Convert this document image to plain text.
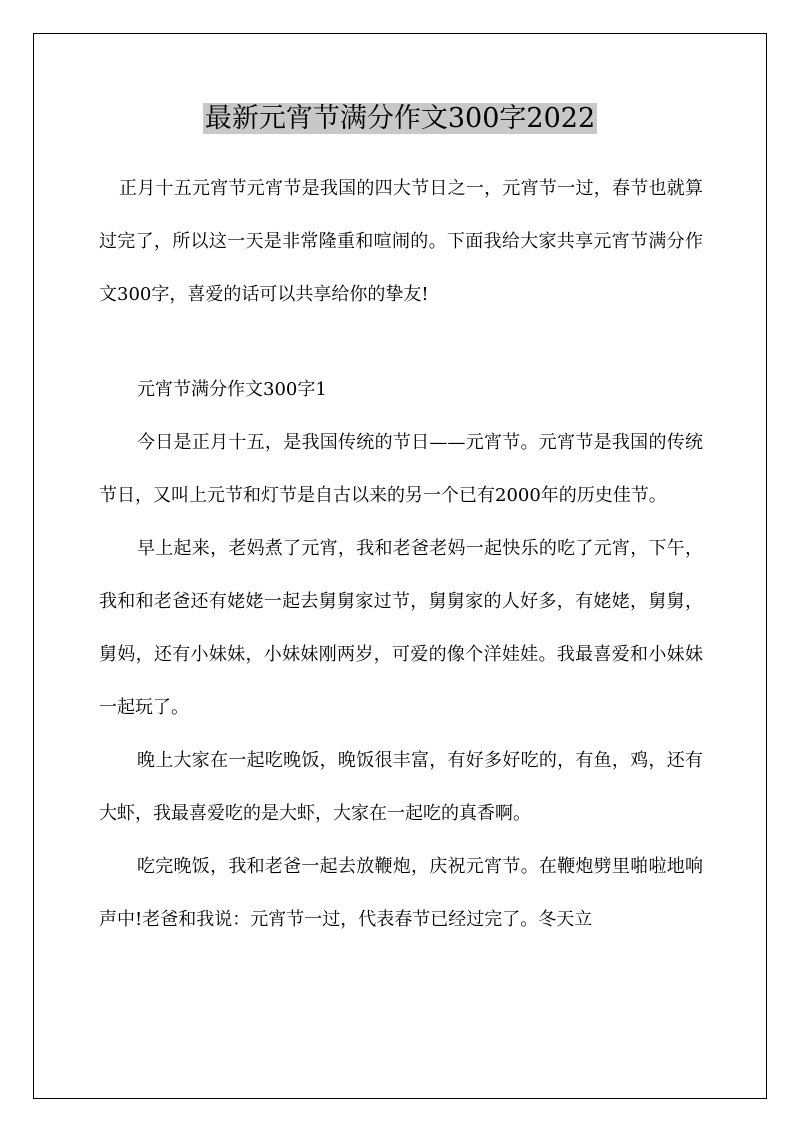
最新元宵节满分作文300字2022

正月十五元宵节元宵节是我国的四大节日之一，元宵节一过，春节也就算过完了，所以这一天是非常隆重和喧闹的。下面我给大家共享元宵节满分作文300字，喜爱的话可以共享给你的挚友!

元宵节满分作文300字1

今日是正月十五，是我国传统的节日——元宵节。元宵节是我国的传统节日，又叫上元节和灯节是自古以来的另一个已有2000年的历史佳节。

早上起来，老妈煮了元宵，我和老爸老妈一起快乐的吃了元宵，下午，我和和老爸还有姥姥一起去舅舅家过节，舅舅家的人好多，有姥姥，舅舅，舅妈，还有小妹妹，小妹妹刚两岁，可爱的像个洋娃娃。我最喜爱和小妹妹一起玩了。

晚上大家在一起吃晚饭，晚饭很丰富，有好多好吃的，有鱼，鸡，还有大虾，我最喜爱吃的是大虾，大家在一起吃的真香啊。

吃完晚饭，我和老爸一起去放鞭炮，庆祝元宵节。在鞭炮劈里啪啦地响声中!老爸和我说：元宵节一过，代表春节已经过完了。冬天立
